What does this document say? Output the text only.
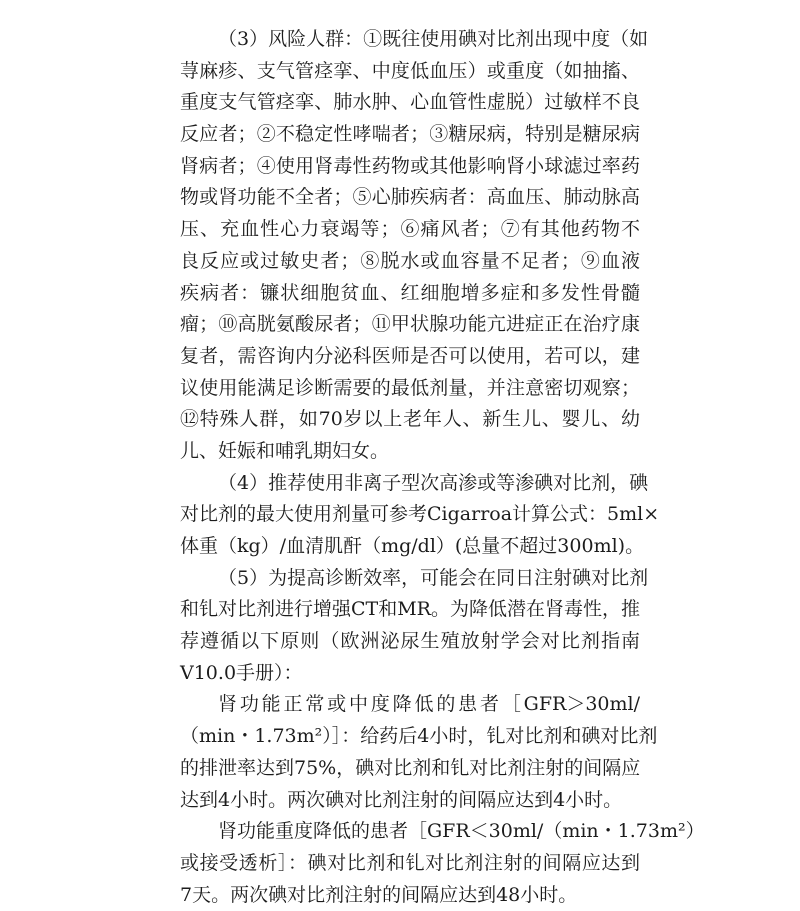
（3）风险人群：①既往使用碘对比剂出现中度（如
荨麻疹、支气管痉挛、中度低血压）或重度（如抽搐、
重度支气管痉挛、肺水肿、心血管性虚脱）过敏样不良
反应者；②不稳定性哮喘者；③糖尿病，特别是糖尿病
肾病者；④使用肾毒性药物或其他影响肾小球滤过率药
物或肾功能不全者；⑤心肺疾病者：高血压、肺动脉高
压、充血性心力衰竭等；⑥痛风者；⑦有其他药物不
良反应或过敏史者；⑧脱水或血容量不足者；⑨血液
疾病者：镰状细胞贫血、红细胞增多症和多发性骨髓
瘤；⑩高胱氨酸尿者；⑪甲状腺功能亢进症正在治疗康
复者，需咨询内分泌科医师是否可以使用，若可以，建
议使用能满足诊断需要的最低剂量，并注意密切观察；
⑫特殊人群，如70岁以上老年人、新生儿、婴儿、幼
儿、妊娠和哺乳期妇女。
（4）推荐使用非离子型次高渗或等渗碘对比剂，碘
对比剂的最大使用剂量可参考Cigarroa计算公式：5ml×
体重（kg）/血清肌酐（mg/dl）(总量不超过300ml)。
（5）为提高诊断效率，可能会在同日注射碘对比剂
和钆对比剂进行增强CT和MR。为降低潜在肾毒性，推
荐遵循以下原则（欧洲泌尿生殖放射学会对比剂指南
V10.0手册）：
肾功能正常或中度降低的患者［GFR＞30ml/
（min・1.73m²）］：给药后4小时，钆对比剂和碘对比剂
的排泄率达到75%，碘对比剂和钆对比剂注射的间隔应
达到4小时。两次碘对比剂注射的间隔应达到4小时。
肾功能重度降低的患者［GFR＜30ml/（min・1.73m²）
或接受透析］：碘对比剂和钆对比剂注射的间隔应达到
7天。两次碘对比剂注射的间隔应达到48小时。
